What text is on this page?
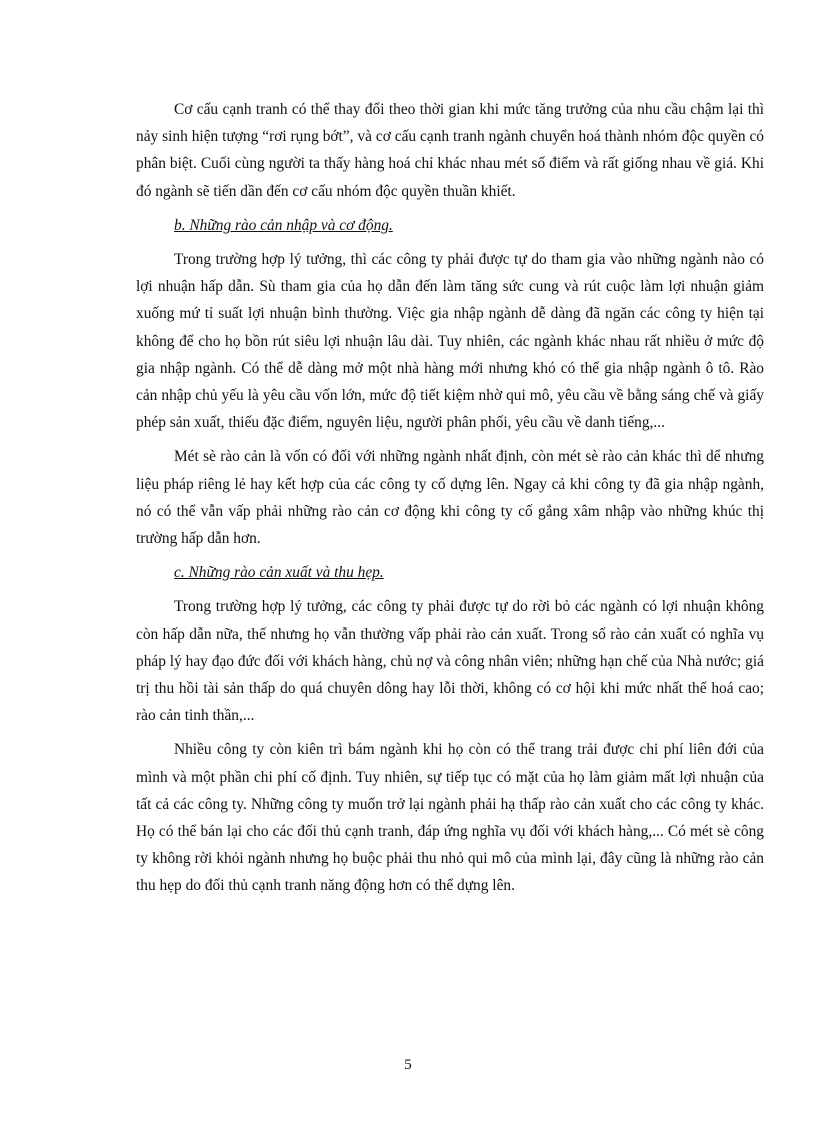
Cơ cấu cạnh tranh có thể thay đổi theo thời gian khi mức tăng trưởng của nhu cầu chậm lại thì nảy sinh hiện tượng “rơi rụng bớt”, và cơ cấu cạnh tranh ngành chuyển hoá thành nhóm độc quyền có phân biệt. Cuối cùng người ta thấy hàng hoá chỉ khác nhau mét số điểm và rất giống nhau về giá. Khi đó ngành sẽ tiến dần đến cơ cấu nhóm độc quyền thuần khiết.

b. Những rào cản nhập và cơ động.

Trong trường hợp lý tưởng, thì các công ty phải được tự do tham gia vào những ngành nào có lợi nhuận hấp dẫn. Sù tham gia của họ dẫn đến làm tăng sức cung và rút cuộc làm lợi nhuận giảm xuống mứ tỉ suất lợi nhuận bình thường. Việc gia nhập ngành dễ dàng đã ngăn các công ty hiện tại không để cho họ bồn rút siêu lợi nhuận lâu dài. Tuy nhiên, các ngành khác nhau rất nhiều ở mức độ gia nhập ngành. Có thể dễ dàng mở một nhà hàng mới nhưng khó có thể gia nhập ngành ô tô. Rào cản nhập chủ yếu là yêu cầu vốn lớn, mức độ tiết kiệm nhờ qui mô, yêu cầu về bằng sáng chế và giấy phép sản xuất, thiếu đặc điểm, nguyên liệu, người phân phối, yêu cầu về danh tiếng,...

Mét sè rào cản là vốn có đối với những ngành nhất định, còn mét sè rào cản khác thì dể nhưng liệu pháp riêng lẻ hay kết hợp của các công ty cố dựng lên. Ngay cả khi công ty đã gia nhập ngành, nó có thể vẫn vấp phải những rào cản cơ động khi công ty cố gắng xâm nhập vào những khúc thị trường hấp dẫn hơn.

c. Những rào cản xuất và thu hẹp.

Trong trường hợp lý tưởng, các công ty phải được tự do rời bỏ các ngành có lợi nhuận không còn hấp dẫn nữa, thế nhưng họ vẫn thường vấp phải rào cản xuất. Trong số rào cản xuất có nghĩa vụ pháp lý hay đạo đức đối với khách hàng, chủ nợ và công nhân viên; những hạn chế của Nhà nước; giá trị thu hồi tài sản thấp do quá chuyên dông hay lỗi thời, không có cơ hội khi mức nhất thể hoá cao; rào cản tinh thần,...

Nhiều công ty còn kiên trì bám ngành khi họ còn có thể trang trải được chi phí liên đới của mình và một phần chi phí cố định. Tuy nhiên, sự tiếp tục có mặt của họ làm giảm mất lợi nhuận của tất cả các công ty. Những công ty muốn trở lại ngành phải hạ thấp rào cản xuất cho các công ty khác. Họ có thể bán lại cho các đối thủ cạnh tranh, đáp ứng nghĩa vụ đối với khách hàng,... Có mét sè công ty không rời khỏi ngành nhưng họ buộc phải thu nhỏ qui mô của mình lại, đây cũng là những rào cản thu hẹp do đối thủ cạnh tranh năng động hơn có thể dựng lên.

5
